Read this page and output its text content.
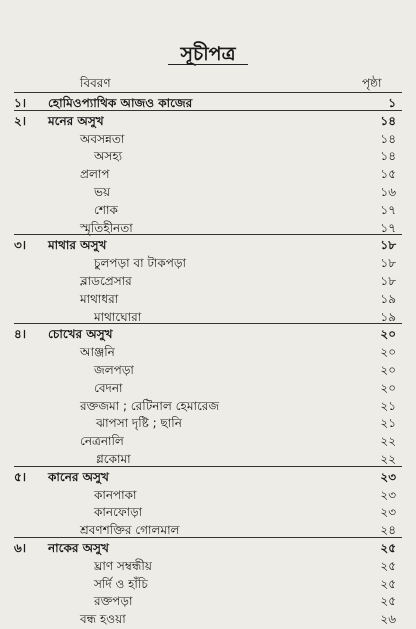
সূচীপত্র
বিবরণ	পৃষ্ঠা
১।	হোমিওপ্যাথিক আজও কাজের	১
২।	মনের অসুখ	১৪
অবসন্নতা	১৪
অসহ্য	১৪
প্রলাপ	১৫
ভয়	১৬
শোক	১৭
স্মৃতিহীনতা	১৭
৩।	মাথার অসুখ	১৮
চুলপড়া বা টাকপড়া	১৮
ব্লাডপ্রেসার	১৮
মাথাধরা	১৯
মাথাঘোরা	১৯
৪।	চোখের অসুখ	২০
আঞ্জনি	২০
জলপড়া	২০
বেদনা	২০
রক্তজমা ; রেটিনাল হেমারেজ	২১
ঝাপসা দৃষ্টি ; ছানি	২১
নেত্রনালি	২২
গ্লকোমা	২২
৫।	কানের অসুখ	২৩
কানপাকা	২৩
কানফোড়া	২৩
শ্রবণশক্তির গোলমাল	২৪
৬।	নাকের অসুখ	২৫
ঘ্রাণ সম্বন্ধীয়	২৫
সর্দি ও হাঁচি	২৫
রক্তপড়া	২৫
বন্ধ হওয়া	২৬
